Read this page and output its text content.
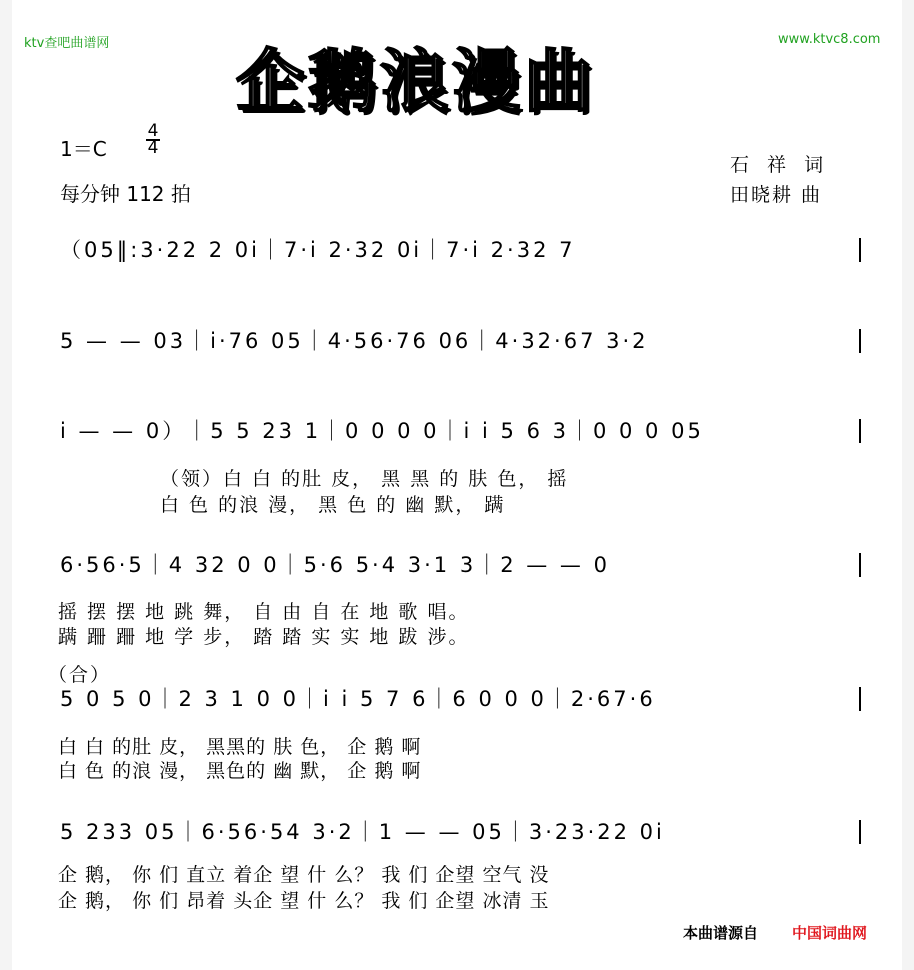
ktv查吧曲谱网	www.ktvc8.com
企鹅浪漫曲
$1=C \frac{4}{4}$
每分钟 112 拍
石 祥 词
田晓耕 曲
（05‖:3·22 2 0i｜7·i 2·32 0i｜7·i 2·32 7
5 — — 03｜i·76 05｜4·56·76 06｜4·32·67 3·2
i — — 0）｜5 5 23 1｜0 0 0 0｜i i 5 6 3｜0 0 0 05
（领）白 白 的肚 皮， 黑 黑 的 肤 色， 摇
白 色 的浪 漫， 黑 色 的 幽 默， 蹒
6·56·5｜4 32 0 0｜5·6 5·4 3·1 3｜2 — — 0
摇 摆 摆 地 跳 舞， 自 由 自 在 地 歌 唱。
蹒 跚 跚 地 学 步， 踏 踏 实 实 地 跋 涉。
（合）
5 0 5 0｜2 3 1 0 0｜i i 5 7 6｜6 0 0 0｜2·67·6
白 白 的肚 皮， 黑黑的 肤 色， 企 鹅 啊
白 色 的浪 漫， 黑色的 幽 默， 企 鹅 啊
5 233 05｜6·56·54 3·2｜1 — — 05｜3·23·22 0i
企 鹅， 你 们 直立 着企 望 什 么？ 我 们 企望 空气 没
企 鹅， 你 们 昂着 头企 望 什 么？ 我 们 企望 冰清 玉
本曲谱源自 中国词曲网
